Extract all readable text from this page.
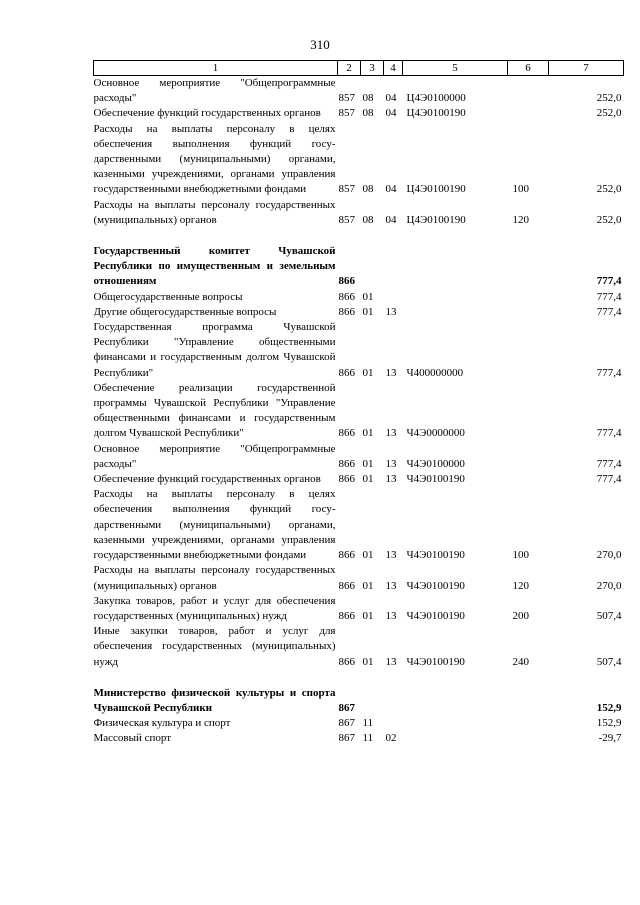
310
1	2	3	4	5	6	7
Основное мероприятие "Общепрограммные расходы"	857	08	04	Ц4Э0100000		252,0
Обеспечение функций государственных органов	857	08	04	Ц4Э0100190		252,0
Расходы на выплаты персоналу в целях обеспечения выполнения функций государственными (муниципальными) органами, казенными учреждениями, органами управления государственными внебюджетными фондами	857	08	04	Ц4Э0100190	100	252,0
Расходы на выплаты персоналу государственных (муниципальных) органов	857	08	04	Ц4Э0100190	120	252,0

Государственный комитет Чувашской Республики по имущественным и земельным отношениям	866					777,4
Общегосударственные вопросы	866	01				777,4
Другие общегосударственные вопросы	866	01	13			777,4
Государственная программа Чувашской Республики "Управление общественными финансами и государственным долгом Чувашской Республики"	866	01	13	Ч400000000		777,4
Обеспечение реализации государственной программы Чувашской Республики "Управление общественными финансaми и государственным долгом Чувашской Республики"	866	01	13	Ч4Э0000000		777,4
Основное мероприятие "Общепрограммные расходы"	866	01	13	Ч4Э0100000		777,4
Обеспечение функций государственных органов	866	01	13	Ч4Э0100190		777,4
Расходы на выплаты персоналу в целях обеспечения выполнения функций государственными (муниципальными) органами, казенными учреждениями, органами управления государственными внебюджетными фондами	866	01	13	Ч4Э0100190	100	270,0
Расходы на выплаты персоналу государственных (муниципальных) органов	866	01	13	Ч4Э0100190	120	270,0
Закупка товаров, работ и услуг для обеспечения государственных (муниципальных) нужд	866	01	13	Ч4Э0100190	200	507,4
Иные закупки товаров, работ и услуг для обеспечения государственных (муниципальных) нужд	866	01	13	Ч4Э0100190	240	507,4

Министерство физической культуры и спорта Чувашской Республики	867					152,9
Физическая культура и спорт	867	11				152,9
Массовый спорт	867	11	02			-29,7
